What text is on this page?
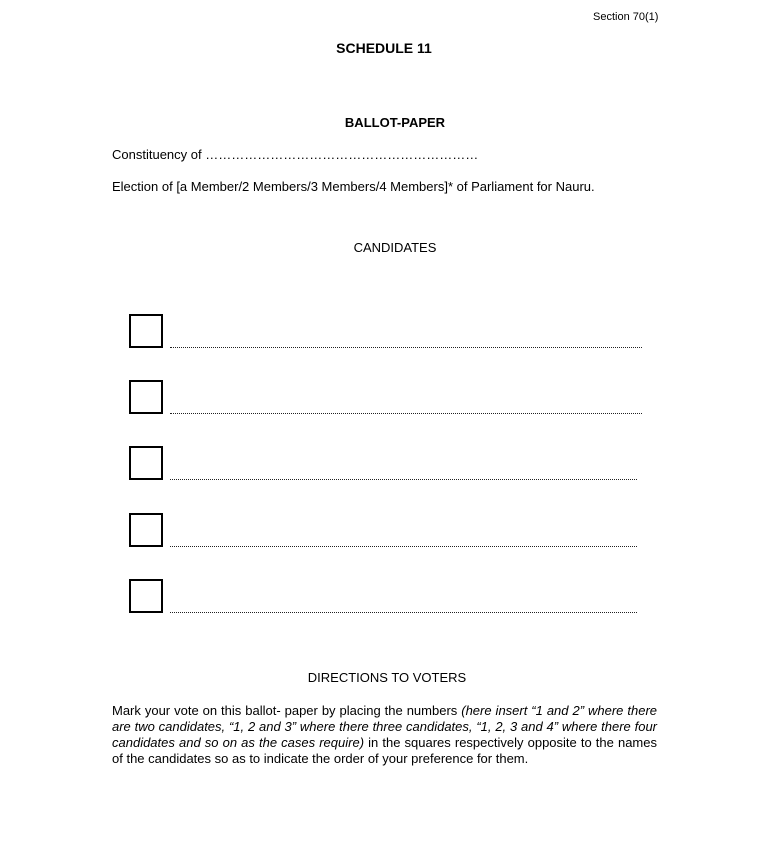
Section 70(1)
SCHEDULE 11
BALLOT-PAPER
Constituency of ………………………………………………………
Election of [a Member/2 Members/3 Members/4 Members]* of Parliament for Nauru.
CANDIDATES
DIRECTIONS TO VOTERS
Mark your vote on this ballot- paper by placing the numbers (here insert “1 and 2” where there are two candidates, “1, 2 and 3” where there three candidates, “1, 2, 3 and 4” where there four candidates and so on as the cases require) in the squares respectively opposite to the names of the candidates so as to indicate the order of your preference for them.
